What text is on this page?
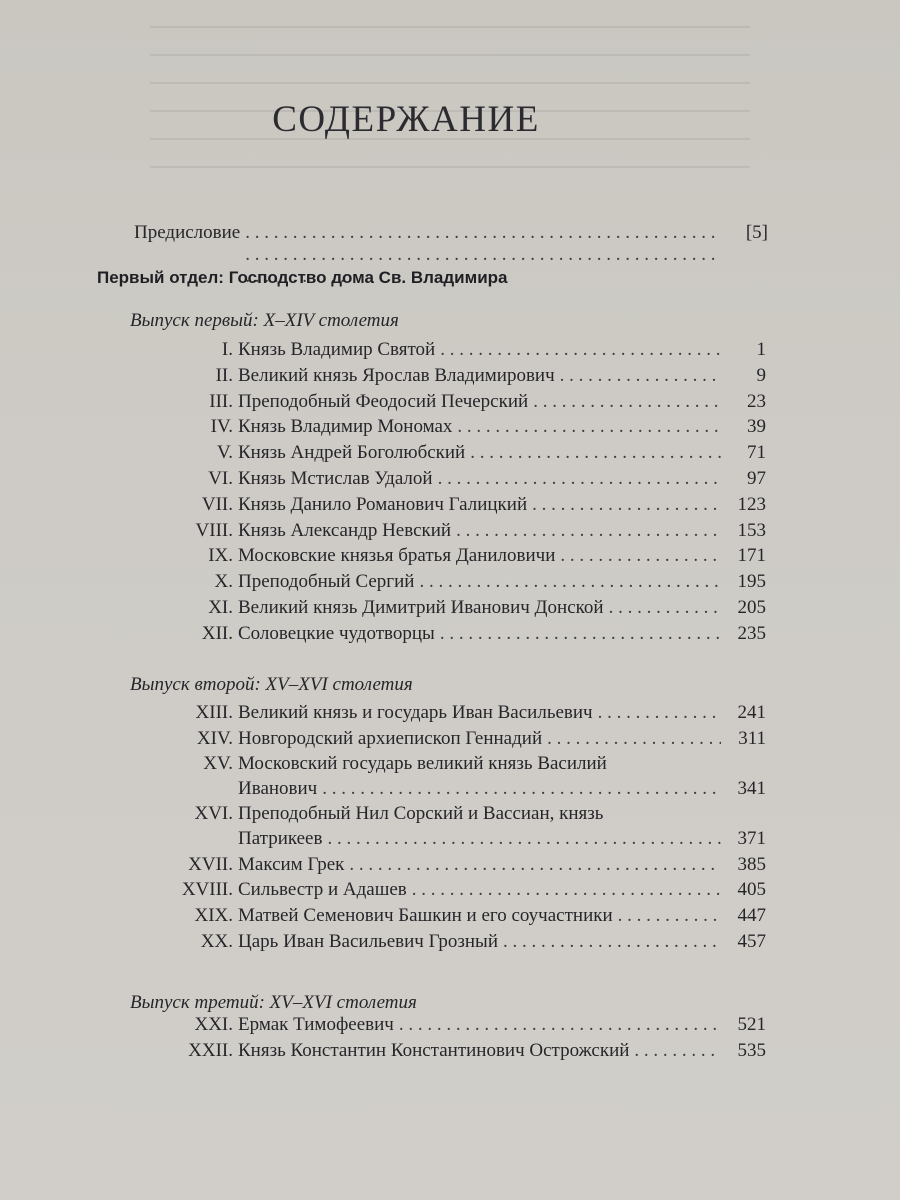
СОДЕРЖАНИЕ
Предисловие . . .	[5]
Первый отдел: Господство дома Св. Владимира
Выпуск первый: X–XIV столетия
I. Князь Владимир Святой . . .	1
II. Великий князь Ярослав Владимирович . . .	9
III. Преподобный Феодосий Печерский . . .	23
IV. Князь Владимир Мономах . . .	39
V. Князь Андрей Боголюбский . . .	71
VI. Князь Мстислав Удалой . . .	97
VII. Князь Данило Романович Галицкий . . .	123
VIII. Князь Александр Невский . . .	153
IX. Московские князья братья Даниловичи . . .	171
X. Преподобный Сергий . . .	195
XI. Великий князь Димитрий Иванович Донской . . .	205
XII. Соловецкие чудотворцы . . .	235
Выпуск второй: XV–XVI столетия
XIII. Великий князь и государь Иван Васильевич . . .	241
XIV. Новгородский архиепископ Геннадий . . .	311
XV. Московский государь великий князь Василий
Иванович . . .	341
XVI. Преподобный Нил Сорский и Вассиан, князь
Патрикеев . . .	371
XVII. Максим Грек . . .	385
XVIII. Сильвестр и Адашев . . .	405
XIX. Матвей Семенович Башкин и его соучастники . . .	447
XX. Царь Иван Васильевич Грозный . . .	457
Выпуск третий: XV–XVI столетия
XXI. Ермак Тимофеевич . . .	521
XXII. Князь Константин Константинович Острожский . . .	535
